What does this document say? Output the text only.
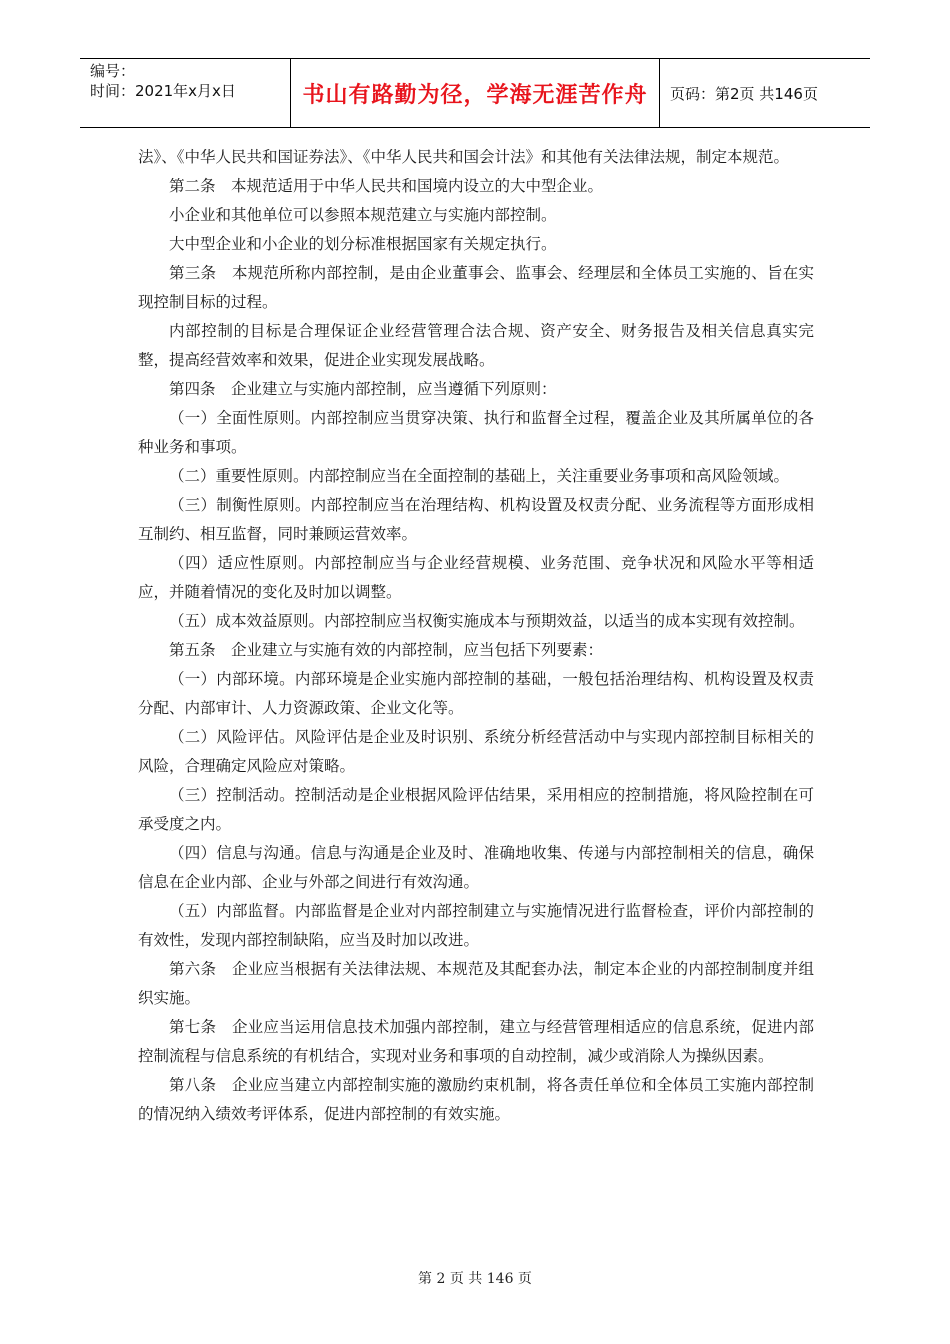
编号：
时间：2021年x月x日	书山有路勤为径，学海无涯苦作舟	页码：第2页 共146页

法》、《中华人民共和国证券法》、《中华人民共和国会计法》和其他有关法律法规，制定本规范。

第二条　本规范适用于中华人民共和国境内设立的大中型企业。

小企业和其他单位可以参照本规范建立与实施内部控制。

大中型企业和小企业的划分标准根据国家有关规定执行。

第三条　本规范所称内部控制，是由企业董事会、监事会、经理层和全体员工实施的、旨在实现控制目标的过程。

内部控制的目标是合理保证企业经营管理合法合规、资产安全、财务报告及相关信息真实完整，提高经营效率和效果，促进企业实现发展战略。

第四条　企业建立与实施内部控制，应当遵循下列原则：

（一）全面性原则。内部控制应当贯穿决策、执行和监督全过程，覆盖企业及其所属单位的各种业务和事项。

（二）重要性原则。内部控制应当在全面控制的基础上，关注重要业务事项和高风险领域。

（三）制衡性原则。内部控制应当在治理结构、机构设置及权责分配、业务流程等方面形成相互制约、相互监督，同时兼顾运营效率。

（四）适应性原则。内部控制应当与企业经营规模、业务范围、竞争状况和风险水平等相适应，并随着情况的变化及时加以调整。

（五）成本效益原则。内部控制应当权衡实施成本与预期效益，以适当的成本实现有效控制。

第五条　企业建立与实施有效的内部控制，应当包括下列要素：

（一）内部环境。内部环境是企业实施内部控制的基础，一般包括治理结构、机构设置及权责分配、内部审计、人力资源政策、企业文化等。

（二）风险评估。风险评估是企业及时识别、系统分析经营活动中与实现内部控制目标相关的风险，合理确定风险应对策略。

（三）控制活动。控制活动是企业根据风险评估结果，采用相应的控制措施，将风险控制在可承受度之内。

（四）信息与沟通。信息与沟通是企业及时、准确地收集、传递与内部控制相关的信息，确保信息在企业内部、企业与外部之间进行有效沟通。

（五）内部监督。内部监督是企业对内部控制建立与实施情况进行监督检查，评价内部控制的有效性，发现内部控制缺陷，应当及时加以改进。

第六条　企业应当根据有关法律法规、本规范及其配套办法，制定本企业的内部控制制度并组织实施。

第七条　企业应当运用信息技术加强内部控制，建立与经营管理相适应的信息系统，促进内部控制流程与信息系统的有机结合，实现对业务和事项的自动控制，减少或消除人为操纵因素。

第八条　企业应当建立内部控制实施的激励约束机制，将各责任单位和全体员工实施内部控制的情况纳入绩效考评体系，促进内部控制的有效实施。

第 2 页 共 146 页
